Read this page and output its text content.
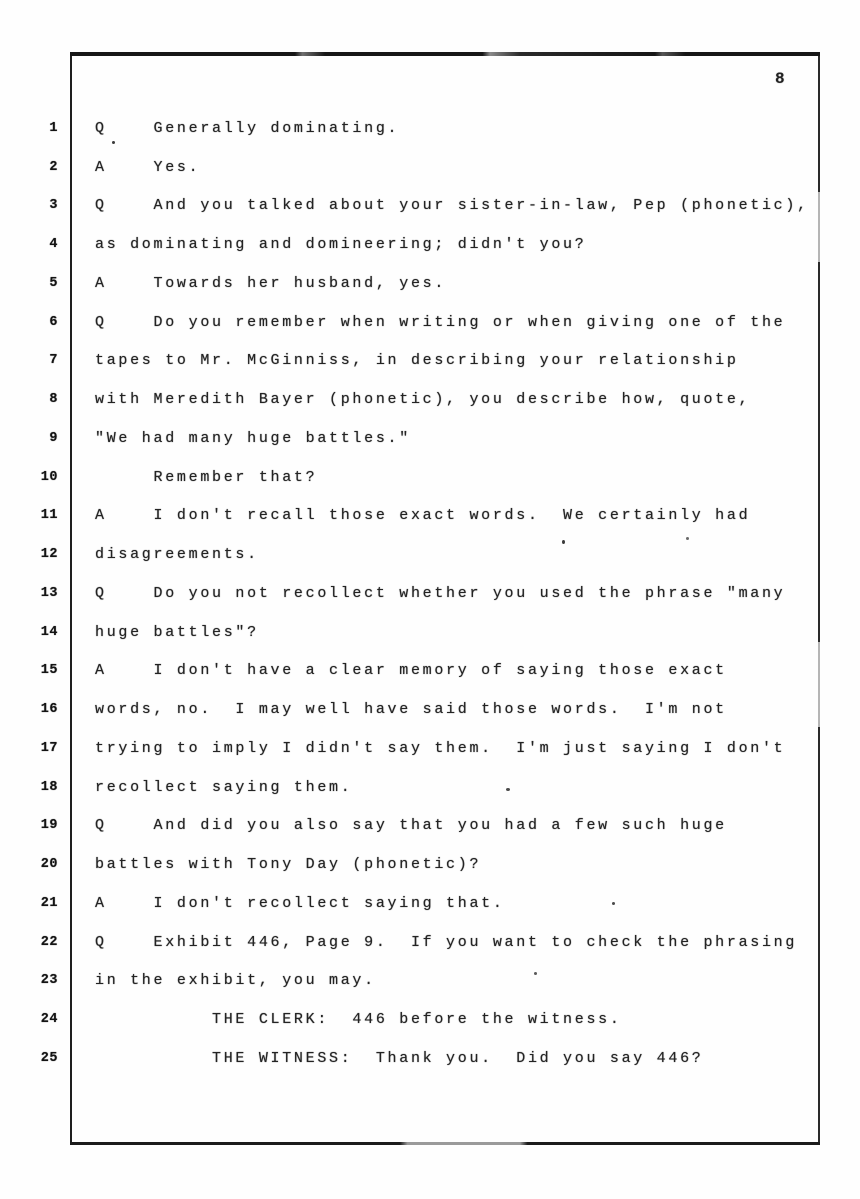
8
1 Q    Generally dominating.
2 A    Yes.
3 Q    And you talked about your sister-in-law, Pep (phonetic),
4 as dominating and domineering; didn't you?
5 A    Towards her husband, yes.
6 Q    Do you remember when writing or when giving one of the
7 tapes to Mr. McGinniss, in describing your relationship
8 with Meredith Bayer (phonetic), you describe how, quote,
9 "We had many huge battles."
10 Remember that?
11 A    I don't recall those exact words.  We certainly had
12 disagreements.
13 Q    Do you not recollect whether you used the phrase "many
14 huge battles"?
15 A    I don't have a clear memory of saying those exact
16 words, no.  I may well have said those words.  I'm not
17 trying to imply I didn't say them.  I'm just saying I don't
18 recollect saying them.
19 Q    And did you also say that you had a few such huge
20 battles with Tony Day (phonetic)?
21 A    I don't recollect saying that.
22 Q    Exhibit 446, Page 9.  If you want to check the phrasing
23 in the exhibit, you may.
24 THE CLERK:  446 before the witness.
25 THE WITNESS:  Thank you.  Did you say 446?
